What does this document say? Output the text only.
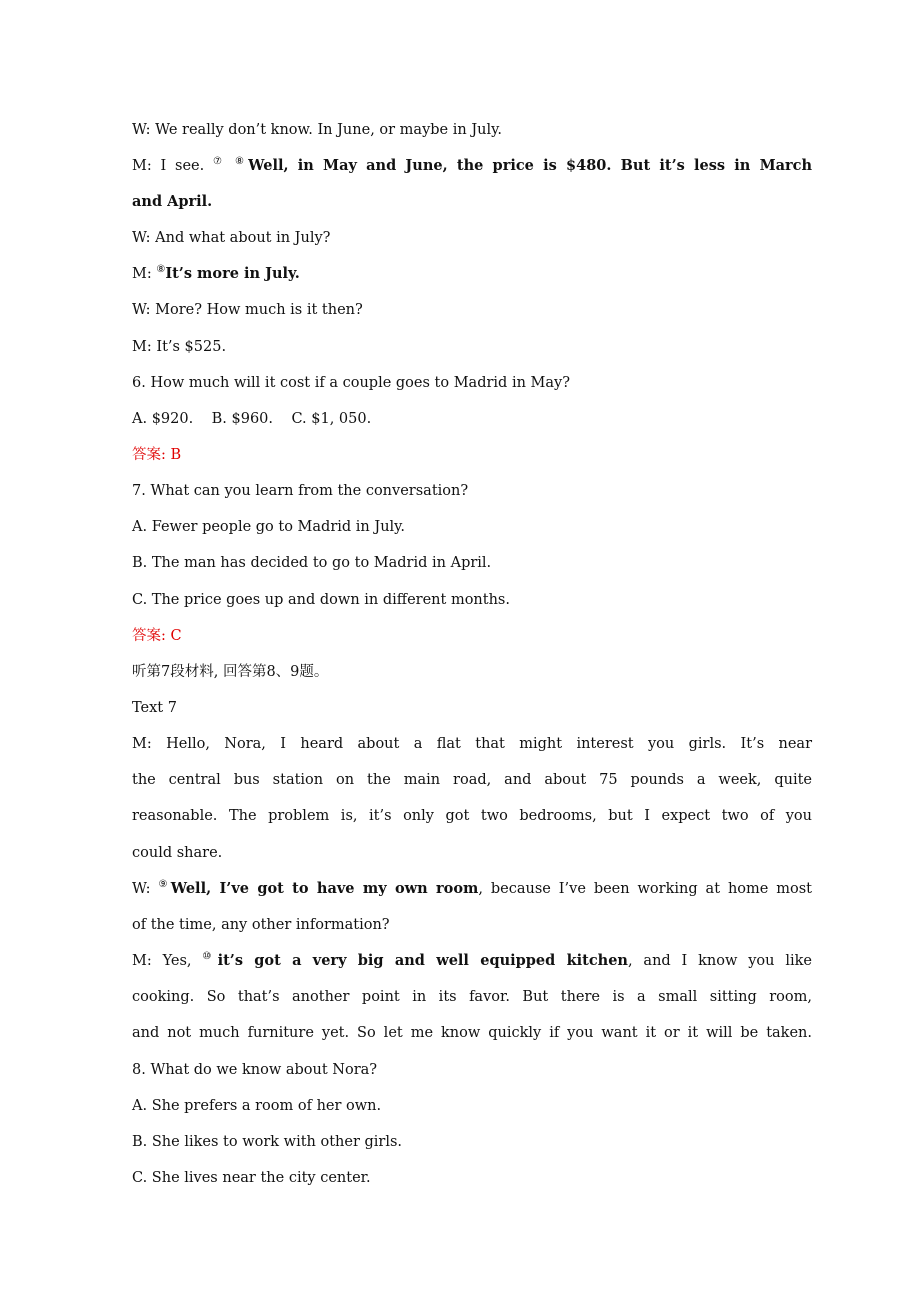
W: We really don’t know. In June, or maybe in July.
M: I see. ⑦ ⑧Well, in May and June, the price is $480. But it’s less in March
and April.
W: And what about in July?
M: ⑧It’s more in July.
W: More? How much is it then?
M: It’s $525.
6. How much will it cost if a couple goes to Madrid in May?
A. $920.    B. $960.    C. $1, 050.
答案: B
7. What can you learn from the conversation?
A. Fewer people go to Madrid in July.
B. The man has decided to go to Madrid in April.
C. The price goes up and down in different months.
答案: C
听第7段材料, 回答第8、9题。
Text 7
M: Hello, Nora, I heard about a flat that might interest you girls. It’s near
the central bus station on the main road, and about 75 pounds a week, quite
reasonable. The problem is, it’s only got two bedrooms, but I expect two of you
could share.
W: ⑨Well, I’ve got to have my own room, because I’ve been working at home most
of the time, any other information?
M: Yes, ⑩it’s got a very big and well equipped kitchen, and I know you like
cooking. So that’s another point in its favor. But there is a small sitting room,
and not much furniture yet. So let me know quickly if you want it or it will be taken.
8. What do we know about Nora?
A. She prefers a room of her own.
B. She likes to work with other girls.
C. She lives near the city center.
